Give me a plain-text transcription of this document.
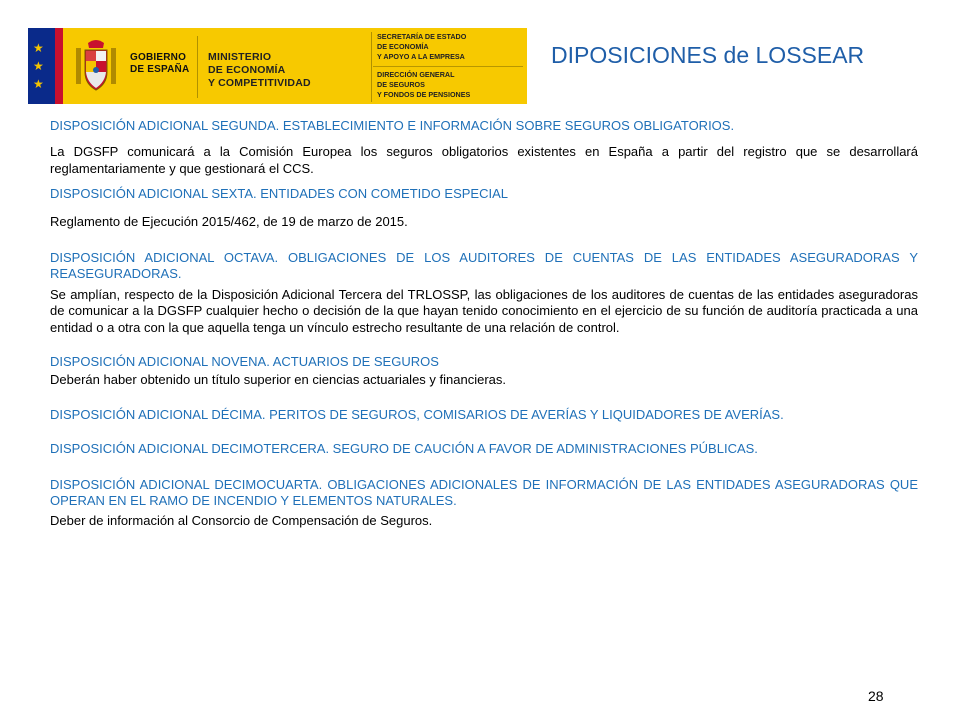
★
★
★
GOBIERNO
DE ESPAÑA
MINISTERIO
DE ECONOMÍA
Y COMPETITIVIDAD
SECRETARÍA DE ESTADO
DE ECONOMÍA
Y APOYO A LA EMPRESA
DIRECCIÓN GENERAL
DE SEGUROS
Y FONDOS DE PENSIONES
DIPOSICIONES de LOSSEAR
DISPOSICIÓN ADICIONAL SEGUNDA. ESTABLECIMIENTO E INFORMACIÓN SOBRE SEGUROS OBLIGATORIOS.
La DGSFP comunicará a la Comisión Europea los seguros obligatorios existentes en España a partir del registro que se desarrollará reglamentariamente y que gestionará el CCS.
DISPOSICIÓN ADICIONAL SEXTA. ENTIDADES CON COMETIDO ESPECIAL
Reglamento de Ejecución 2015/462, de 19 de marzo de 2015.
DISPOSICIÓN ADICIONAL OCTAVA. OBLIGACIONES DE LOS AUDITORES DE CUENTAS DE LAS ENTIDADES ASEGURADORAS Y REASEGURADORAS.
Se amplían, respecto de la Disposición Adicional Tercera del TRLOSSP, las obligaciones de los auditores de cuentas de las entidades aseguradoras de comunicar a la DGSFP cualquier hecho o decisión de la que hayan tenido conocimiento en el ejercicio de su función de auditoría practicada a una entidad o a otra con la que aquella tenga un vínculo estrecho resultante de una relación de control.
DISPOSICIÓN ADICIONAL NOVENA. ACTUARIOS DE SEGUROS
Deberán haber obtenido un título superior en ciencias actuariales y financieras.
DISPOSICIÓN ADICIONAL DÉCIMA. PERITOS DE SEGUROS, COMISARIOS DE AVERÍAS Y LIQUIDADORES DE AVERÍAS.
DISPOSICIÓN ADICIONAL DECIMOTERCERA. SEGURO DE CAUCIÓN A FAVOR DE ADMINISTRACIONES PÚBLICAS.
DISPOSICIÓN ADICIONAL DECIMOCUARTA. OBLIGACIONES ADICIONALES DE INFORMACIÓN DE LAS ENTIDADES ASEGURADORAS QUE OPERAN EN EL RAMO DE INCENDIO Y ELEMENTOS NATURALES.
Deber de información al Consorcio de Compensación de Seguros.
28
